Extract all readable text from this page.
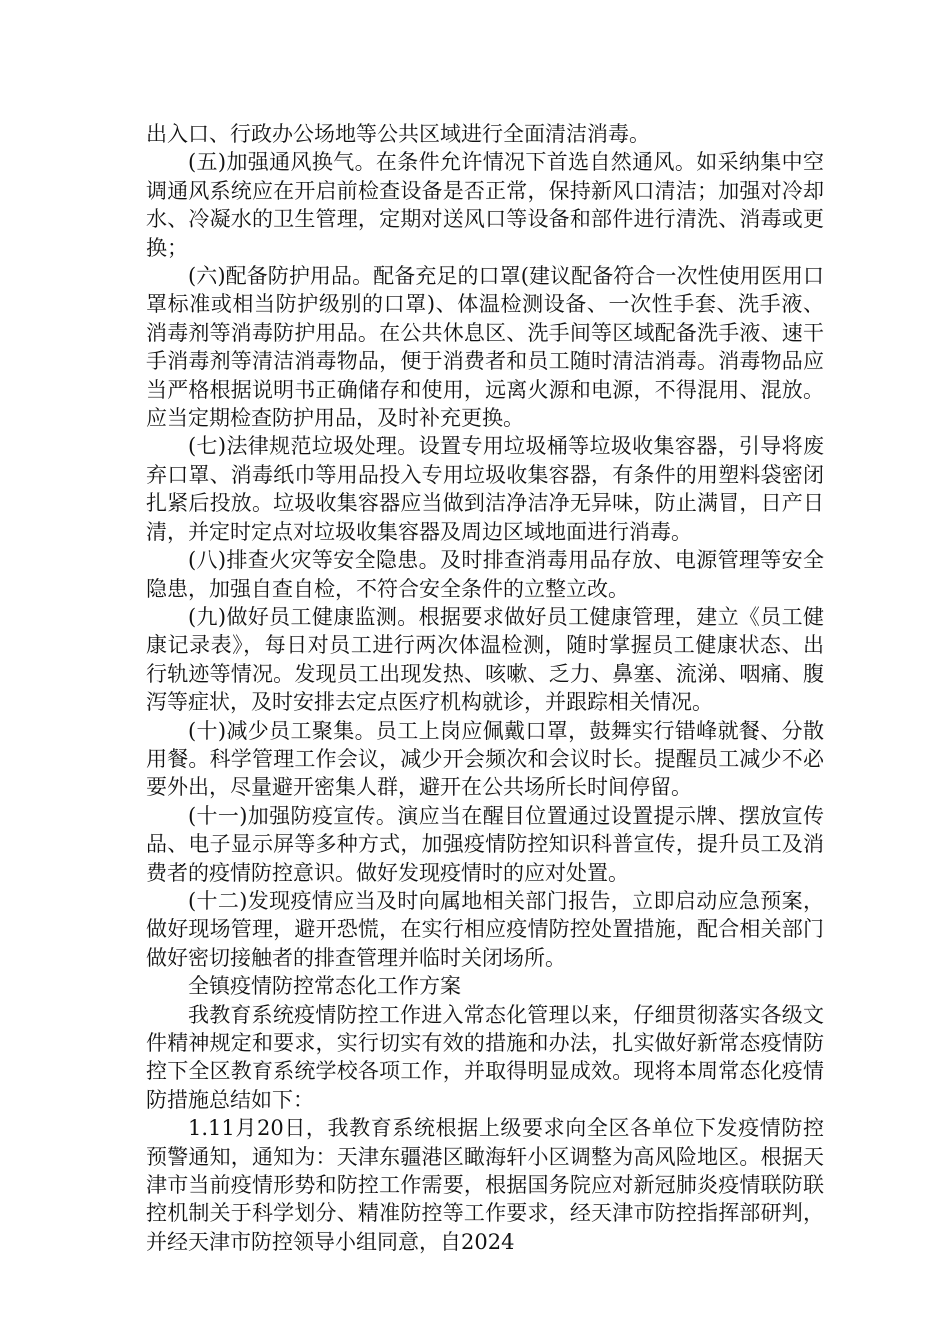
出入口、行政办公场地等公共区域进行全面清洁消毒。

(五)加强通风换气。在条件允许情况下首选自然通风。如采纳集中空调通风系统应在开启前检查设备是否正常，保持新风口清洁；加强对冷却水、冷凝水的卫生管理，定期对送风口等设备和部件进行清洗、消毒或更换；

(六)配备防护用品。配备充足的口罩(建议配备符合一次性使用医用口罩标准或相当防护级别的口罩)、体温检测设备、一次性手套、洗手液、消毒剂等消毒防护用品。在公共休息区、洗手间等区域配备洗手液、速干手消毒剂等清洁消毒物品，便于消费者和员工随时清洁消毒。消毒物品应当严格根据说明书正确储存和使用，远离火源和电源，不得混用、混放。应当定期检查防护用品，及时补充更换。

(七)法律规范垃圾处理。设置专用垃圾桶等垃圾收集容器，引导将废弃口罩、消毒纸巾等用品投入专用垃圾收集容器，有条件的用塑料袋密闭扎紧后投放。垃圾收集容器应当做到洁净洁净无异味，防止满冒，日产日清，并定时定点对垃圾收集容器及周边区域地面进行消毒。

(八)排查火灾等安全隐患。及时排查消毒用品存放、电源管理等安全隐患，加强自查自检，不符合安全条件的立整立改。

(九)做好员工健康监测。根据要求做好员工健康管理，建立《员工健康记录表》，每日对员工进行两次体温检测，随时掌握员工健康状态、出行轨迹等情况。发现员工出现发热、咳嗽、乏力、鼻塞、流涕、咽痛、腹泻等症状，及时安排去定点医疗机构就诊，并跟踪相关情况。

(十)减少员工聚集。员工上岗应佩戴口罩，鼓舞实行错峰就餐、分散用餐。科学管理工作会议，减少开会频次和会议时长。提醒员工减少不必要外出，尽量避开密集人群，避开在公共场所长时间停留。

(十一)加强防疫宣传。演应当在醒目位置通过设置提示牌、摆放宣传品、电子显示屏等多种方式，加强疫情防控知识科普宣传，提升员工及消费者的疫情防控意识。做好发现疫情时的应对处置。

(十二)发现疫情应当及时向属地相关部门报告，立即启动应急预案，做好现场管理，避开恐慌，在实行相应疫情防控处置措施，配合相关部门做好密切接触者的排查管理并临时关闭场所。

全镇疫情防控常态化工作方案

我教育系统疫情防控工作进入常态化管理以来，仔细贯彻落实各级文件精神规定和要求，实行切实有效的措施和办法，扎实做好新常态疫情防控下全区教育系统学校各项工作，并取得明显成效。现将本周常态化疫情防措施总结如下：

1.11月20日，我教育系统根据上级要求向全区各单位下发疫情防控预警通知，通知为：天津东疆港区瞰海轩小区调整为高风险地区。根据天津市当前疫情形势和防控工作需要，根据国务院应对新冠肺炎疫情联防联控机制关于科学划分、精准防控等工作要求，经天津市防控指挥部研判，并经天津市防控领导小组同意，自2024
